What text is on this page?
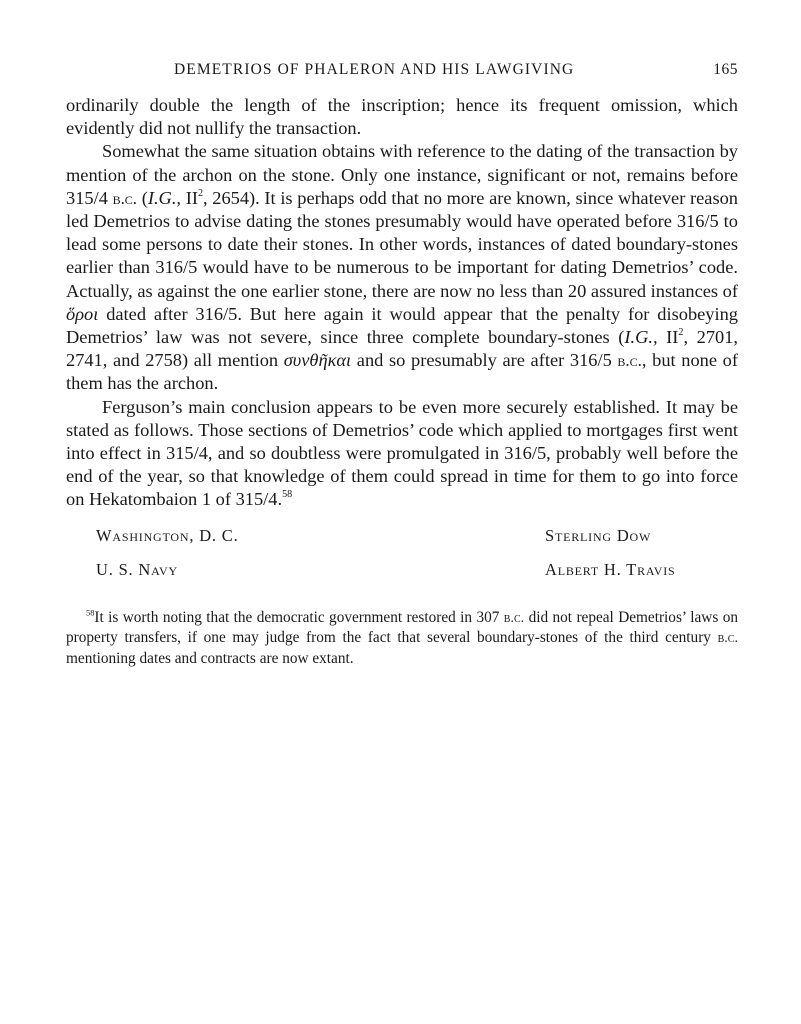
DEMETRIOS OF PHALERON AND HIS LAWGIVING	165

ordinarily double the length of the inscription; hence its frequent omission, which evidently did not nullify the transaction.

Somewhat the same situation obtains with reference to the dating of the transaction by mention of the archon on the stone. Only one instance, significant or not, remains before 315/4 b.c. (I.G., $II^2$, 2654). It is perhaps odd that no more are known, since whatever reason led Demetrios to advise dating the stones presumably would have operated before 316/5 to lead some persons to date their stones. In other words, instances of dated boundary-stones earlier than 316/5 would have to be numerous to be important for dating Demetrios’ code. Actually, as against the one earlier stone, there are now no less than 20 assured instances of ὅροι dated after 316/5. But here again it would appear that the penalty for disobeying Demetrios’ law was not severe, since three complete boundary-stones (I.G., $II^2$, 2701, 2741, and 2758) all mention συνθῆκαι and so presumably are after 316/5 b.c., but none of them has the archon.

Ferguson’s main conclusion appears to be even more securely established. It may be stated as follows. Those sections of Demetrios’ code which applied to mortgages first went into effect in 315/4, and so doubtless were promulgated in 316/5, probably well before the end of the year, so that knowledge of them could spread in time for them to go into force on Hekatombaion 1 of 315/4.58

Washington, D. C.
U. S. Navy
Sterling Dow
Albert H. Travis

$^{58}$It is worth noting that the democratic government restored in 307 b.c. did not repeal Demetrios’ laws on property transfers, if one may judge from the fact that several boundary-stones of the third century b.c. mentioning dates and contracts are now extant.
